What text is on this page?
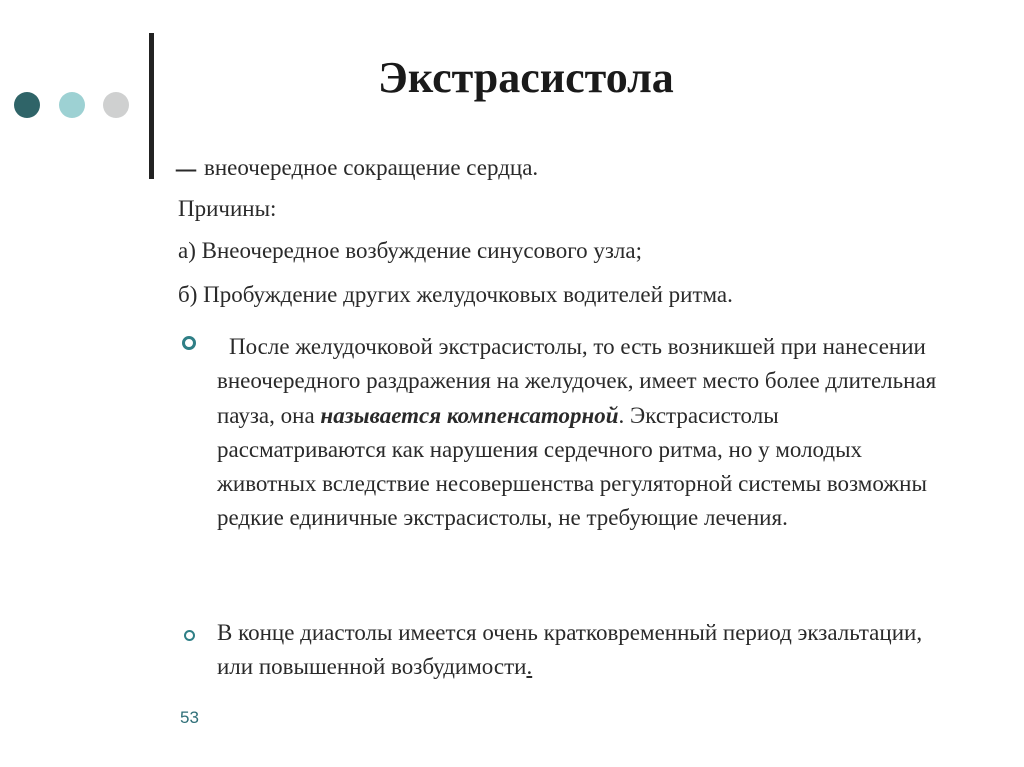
Экстрасистола
– внеочередное сокращение сердца.
Причины:
а) Внеочередное возбуждение синусового узла;
б) Пробуждение других желудочковых водителей ритма.
После желудочковой экстрасистолы, то есть возникшей при нанесении внеочередного раздражения на желудочек, имеет место более длительная пауза, она называется компенсаторной. Экстрасистолы рассматриваются как нарушения сердечного ритма, но у молодых животных вследствие несовершенства регуляторной системы возможны редкие единичные экстрасистолы, не требующие лечения.
В конце диастолы имеется очень кратковременный период экзальтации, или повышенной возбудимости.
53
